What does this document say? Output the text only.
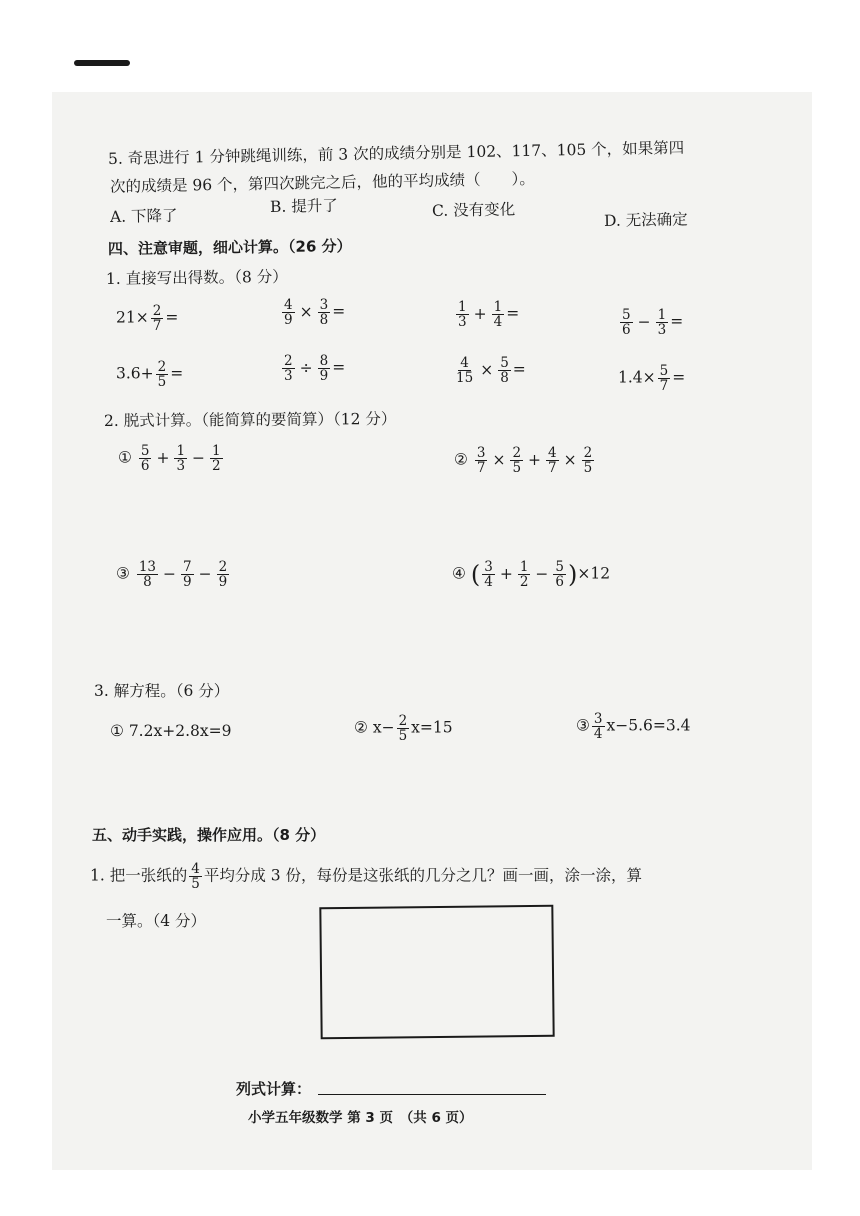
5. 奇思进行 1 分钟跳绳训练，前 3 次的成绩分别是 102、117、105 个，如果第四
次的成绩是 96 个，第四次跳完之后，他的平均成绩（　　）。
A. 下降了
B. 提升了	C. 没有变化
D. 无法确定
四、注意审题，细心计算。（26 分）
1. 直接写出得数。（8 分）
$21\times \frac{2}{7}$ =	$\frac{4}{9} \times \frac{3}{8}$ =	$\frac{1}{3} + \frac{1}{4}$ =	$\frac{5}{6} - \frac{1}{3}$ =
$3.6+ \frac{2}{5}$ =	$\frac{2}{3} \div \frac{8}{9}$ =	$\frac{4}{15} \times \frac{5}{8}$ =	$1.4\times \frac{5}{7}$ =
2. 脱式计算。（能简算的要简算）（12 分）
① $\frac{5}{6} + \frac{1}{3} - \frac{1}{2}$	② $\frac{3}{7} \times \frac{2}{5} + \frac{4}{7} \times \frac{2}{5}$
③ $\frac{13}{8} - \frac{7}{9} - \frac{2}{9}$	④ ( $\frac{3}{4} + \frac{1}{2} - \frac{5}{6} )\times 12$
3. 解方程。（6 分）
① 7.2x+2.8x=9	② $x- \frac{2}{5} x=15$	③ $\frac{3}{4} x-5.6=3.4$
五、动手实践，操作应用。（8 分）
1. 把一张纸的 $\frac{4}{5}$ 平均分成 3 份，每份是这张纸的几分之几？画一画，涂一涂，算
一算。（4 分）
列式计算：
小学五年级数学 第 3 页　（共 6 页）
